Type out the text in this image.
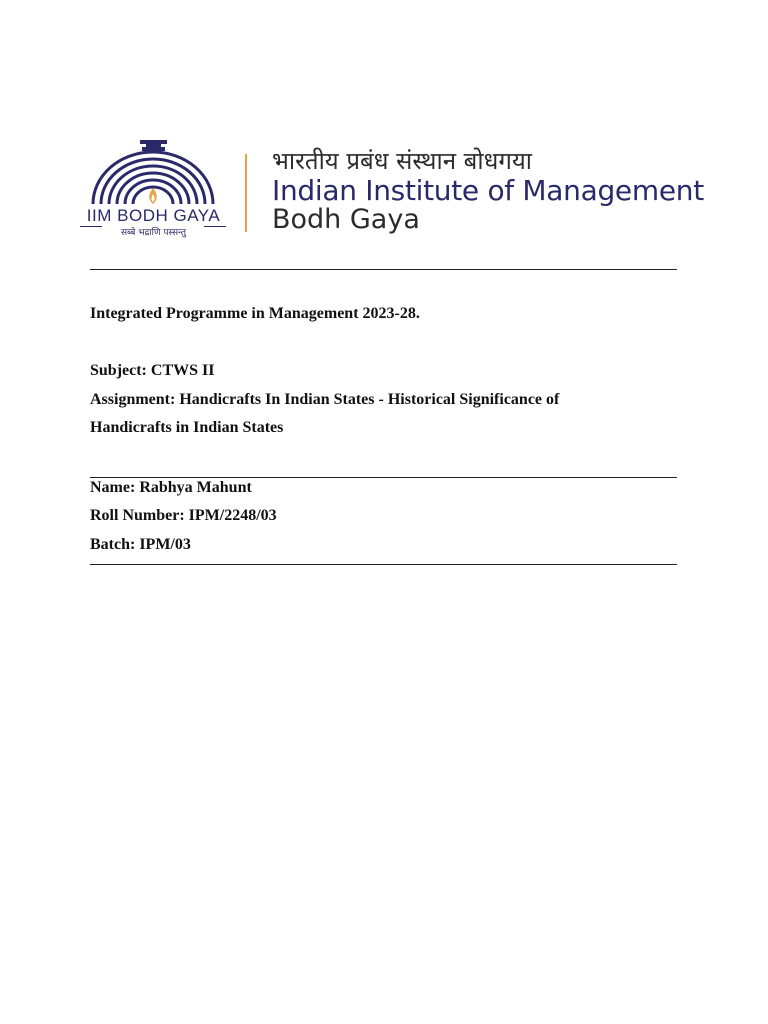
IIM BODH GAYA
सब्बे भद्राणि पस्सन्तु
भारतीय प्रबंध संस्थान बोधगया
Indian Institute of Management
Bodh Gaya
Integrated Programme in Management 2023-28.
Subject: CTWS II
Assignment: Handicrafts In Indian States - Historical Significance of
Handicrafts in Indian States
Name: Rabhya Mahunt
Roll Number: IPM/2248/03
Batch: IPM/03
